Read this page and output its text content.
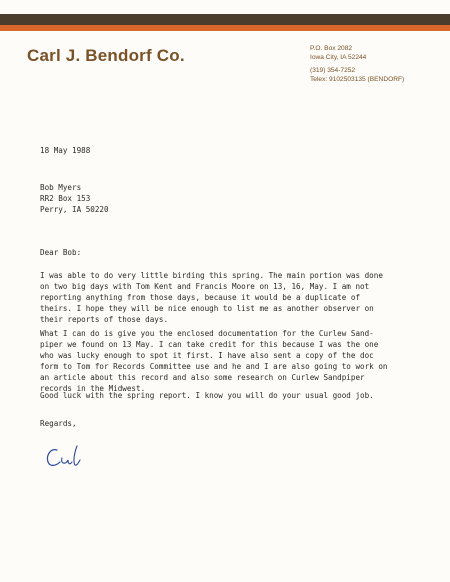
Carl J. Bendorf Co.	P.O. Box 2082
Iowa City, IA 52244
(319) 354-7252
Telex: 9102503135 (BENDORF)
18 May 1988
Bob Myers
RR2 Box 153
Perry, IA 50220
Dear Bob:
I was able to do very little birding this spring. The main portion was done
on two big days with Tom Kent and Francis Moore on 13, 16, May. I am not
reporting anything from those days, because it would be a duplicate of
theirs. I hope they will be nice enough to list me as another observer on
their reports of those days.
What I can do is give you the enclosed documentation for the Curlew Sand-
piper we found on 13 May. I can take credit for this because I was the one
who was lucky enough to spot it first. I have also sent a copy of the doc
form to Tom for Records Committee use and he and I are also going to work on
an article about this record and also some research on Curlew Sandpiper
records in the Midwest.
Good luck with the spring report. I know you will do your usual good job.
Regards,
